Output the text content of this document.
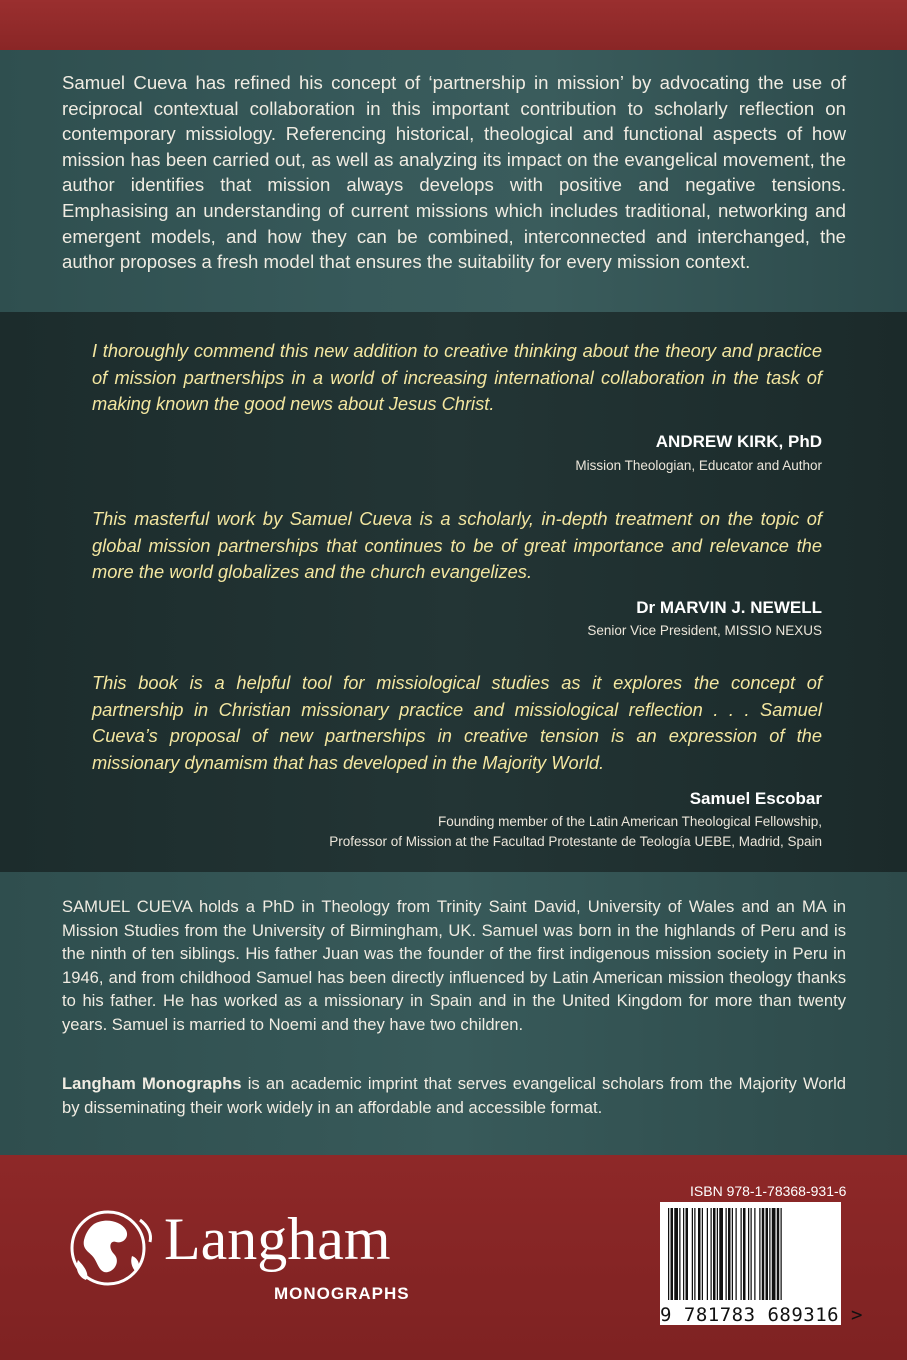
Samuel Cueva has refined his concept of ‘partnership in mission’ by advocating the use of reciprocal contextual collaboration in this important contribution to scholarly reflection on contemporary missiology. Referencing historical, theological and functional aspects of how mission has been carried out, as well as analyzing its impact on the evangelical movement, the author identifies that mission always develops with positive and negative tensions. Emphasising an understanding of current missions which includes traditional, networking and emergent models, and how they can be combined, interconnected and interchanged, the author proposes a fresh model that ensures the suitability for every mission context.

I thoroughly commend this new addition to creative thinking about the theory and practice of mission partnerships in a world of increasing international collaboration in the task of making known the good news about Jesus Christ.

ANDREW KIRK, PhD

Mission Theologian, Educator and Author

This masterful work by Samuel Cueva is a scholarly, in-depth treatment on the topic of global mission partnerships that continues to be of great importance and relevance the more the world globalizes and the church evangelizes.

Dr MARVIN J. NEWELL

Senior Vice President, MISSIO NEXUS

This book is a helpful tool for missiological studies as it explores the concept of partnership in Christian missionary practice and missiological reflection . . . Samuel Cueva’s proposal of new partnerships in creative tension is an expression of the missionary dynamism that has developed in the Majority World.

Samuel Escobar

Founding member of the Latin American Theological Fellowship,

Professor of Mission at the Facultad Protestante de Teología UEBE, Madrid, Spain

SAMUEL CUEVA holds a PhD in Theology from Trinity Saint David, University of Wales and an MA in Mission Studies from the University of Birmingham, UK. Samuel was born in the highlands of Peru and is the ninth of ten siblings. His father Juan was the founder of the first indigenous mission society in Peru in 1946, and from childhood Samuel has been directly influenced by Latin American mission theology thanks to his father. He has worked as a missionary in Spain and in the United Kingdom for more than twenty years. Samuel is married to Noemi and they have two children.

Langham Monographs is an academic imprint that serves evangelical scholars from the Majority World by disseminating their work widely in an affordable and accessible format.

Langham
MONOGRAPHS
ISBN 978-1-78368-931-6
9 781783 689316 >
